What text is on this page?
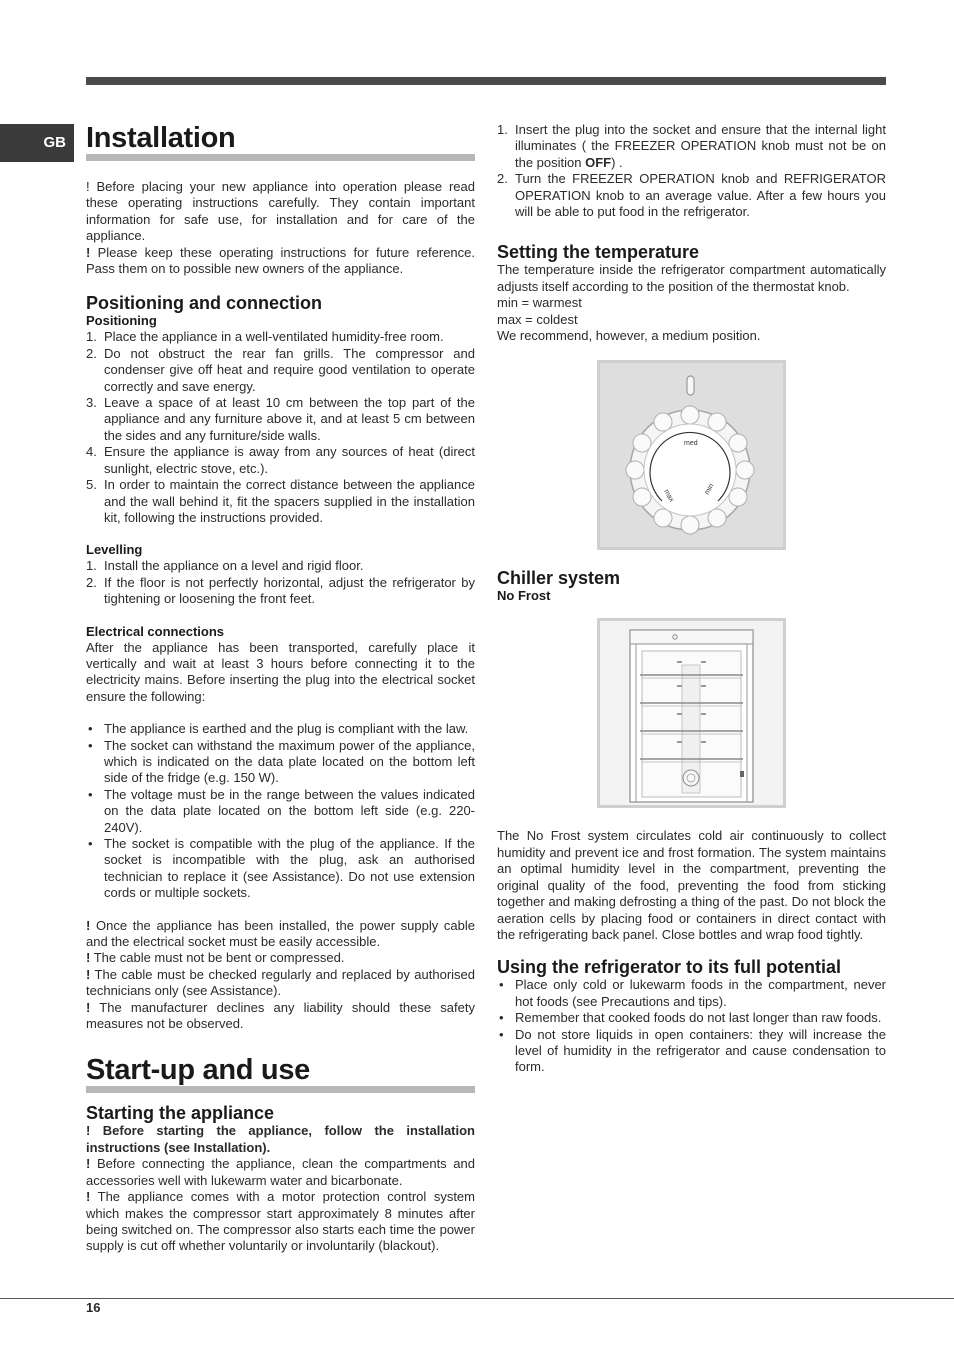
GB Installation

! Before placing your new appliance into operation please read these operating instructions carefully. They contain important information for safe use, for installation and for care of the appliance.

! Please keep these operating instructions for future reference. Pass them on to possible new owners of the appliance.

Positioning and connection
Positioning
1. Place the appliance in a well-ventilated humidity-free room.
2. Do not obstruct the rear fan grills. The compressor and condenser give off heat and require good ventilation to operate correctly and save energy.
3. Leave a space of at least 10 cm between the top part of the appliance and any furniture above it, and at least 5 cm between the sides and any furniture/side walls.
4. Ensure the appliance is away from any sources of heat (direct sunlight, electric stove, etc.).
5. In order to maintain the correct distance between the appliance and the wall behind it, fit the spacers supplied in the installation kit, following the instructions provided.
Levelling
1. Install the appliance on a level and rigid floor.
2. If the floor is not perfectly horizontal, adjust the refrigerator by tightening or loosening the front feet.
Electrical connections

After the appliance has been transported, carefully place it vertically and wait at least 3 hours before connecting it to the electricity mains. Before inserting the plug into the electrical socket ensure the following:

• The appliance is earthed and the plug is compliant with the law.
• The socket can withstand the maximum power of the appliance, which is indicated on the data plate located on the bottom left side of the fridge (e.g. 150 W).
• The voltage must be in the range between the values indicated on the data plate located on the bottom left side (e.g. 220-240V).
• The socket is compatible with the plug of the appliance. If the socket is incompatible with the plug, ask an authorised technician to replace it (see Assistance). Do not use extension cords or multiple sockets.

! Once the appliance has been installed, the power supply cable and the electrical socket must be easily accessible.

! The cable must not be bent or compressed.

! The cable must be checked regularly and replaced by authorised technicians only (see Assistance).

! The manufacturer declines any liability should these safety measures not be observed.

Start-up and use
Starting the appliance

! Before starting the appliance, follow the installation instructions (see Installation).

! Before connecting the appliance, clean the compartments and accessories well with lukewarm water and bicarbonate.

! The appliance comes with a motor protection control system which makes the compressor start approximately 8 minutes after being switched on. The compressor also starts each time the power supply is cut off whether voluntarily or involuntarily (blackout).

1. Insert the plug into the socket and ensure that the internal light illuminates ( the FREEZER OPERATION knob must not be on the position OFF) .
2. Turn the FREEZER OPERATION knob and REFRIGERATOR OPERATION knob to an average value. After a few hours you will be able to put food in the refrigerator.
Setting the temperature

The temperature inside the refrigerator compartment automatically adjusts itself according to the position of the thermostat knob.

min = warmest

max = coldest

We recommend, however, a medium position.

med
max	min
Chiller system
No Frost

The No Frost system circulates cold air continuously to collect humidity and prevent ice and frost formation. The system maintains an optimal humidity level in the compartment, preventing the original quality of the food, preventing the food from sticking together and making defrosting a thing of the past. Do not block the aeration cells by placing food or containers in direct contact with the refrigerating back panel. Close bottles and wrap food tightly.

Using the refrigerator to its full potential
• Place only cold or lukewarm foods in the compartment, never hot foods (see Precautions and tips).
• Remember that cooked foods do not last longer than raw foods.
• Do not store liquids in open containers: they will increase the level of humidity in the refrigerator and cause condensation to form.
16
